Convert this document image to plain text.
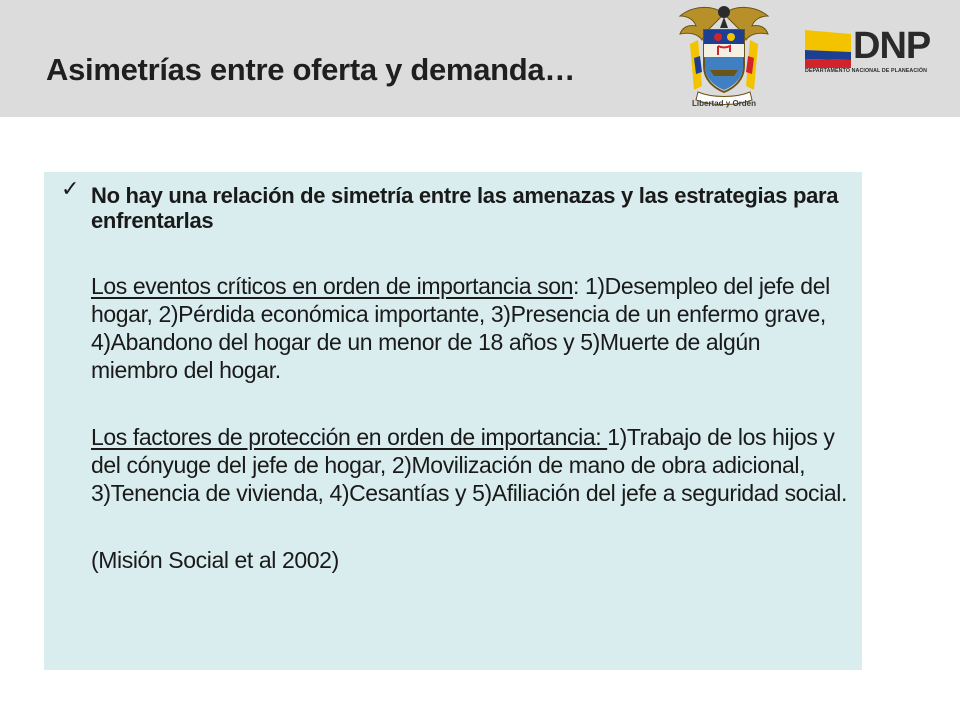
Asimetrías entre oferta y demanda…
Libertad y Orden
DNP
DEPARTAMENTO NACIONAL DE PLANEACIÓN
✓ No hay una relación de simetría entre las amenazas y las estrategias para enfrentarlas

Los eventos críticos en orden de importancia son: 1)Desempleo del jefe del hogar, 2)Pérdida económica importante, 3)Presencia de un enfermo grave, 4)Abandono del hogar de un menor de 18 años y 5)Muerte de algún miembro del hogar.

Los factores de protección en orden de importancia: 1)Trabajo de los hijos y del cónyuge del jefe de hogar, 2)Movilización de mano de obra adicional, 3)Tenencia de vivienda, 4)Cesantías y 5)Afiliación del jefe a seguridad social.

(Misión Social et al 2002)
